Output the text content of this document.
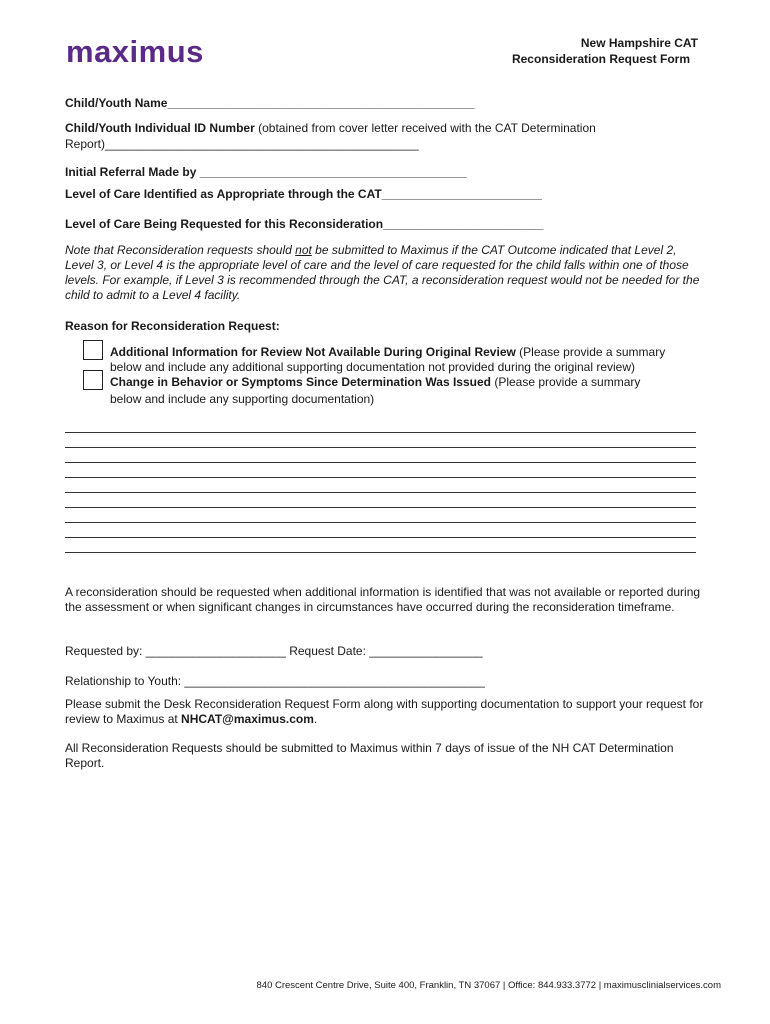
maximus	New Hampshire CAT
Reconsideration Request Form
Child/Youth Name______________________________________________
Child/Youth Individual ID Number (obtained from cover letter received with the CAT Determination
Report)_______________________________________________
Initial Referral Made by ________________________________________
Level of Care Identified as Appropriate through the CAT________________________
Level of Care Being Requested for this Reconsideration________________________
Note that Reconsideration requests should not be submitted to Maximus if the CAT Outcome indicated that Level 2, Level 3, or Level 4 is the appropriate level of care and the level of care requested for the child falls within one of those levels. For example, if Level 3 is recommended through the CAT, a reconsideration request would not be needed for the child to admit to a Level 4 facility.
Reason for Reconsideration Request:
Additional Information for Review Not Available During Original Review (Please provide a summary
below and include any additional supporting documentation not provided during the original review)
Change in Behavior or Symptoms Since Determination Was Issued (Please provide a summary
below and include any supporting documentation)
A reconsideration should be requested when additional information is identified that was not available or reported during the assessment or when significant changes in circumstances have occurred during the reconsideration timeframe.
Requested by: _____________________ Request Date: _________________
Relationship to Youth: _____________________________________________
Please submit the Desk Reconsideration Request Form along with supporting documentation to support your request for review to Maximus at NHCAT@maximus.com.
All Reconsideration Requests should be submitted to Maximus within 7 days of issue of the NH CAT Determination Report.
840 Crescent Centre Drive, Suite 400, Franklin, TN 37067 | Office: 844.933.3772 | maximusclinialservices.com
